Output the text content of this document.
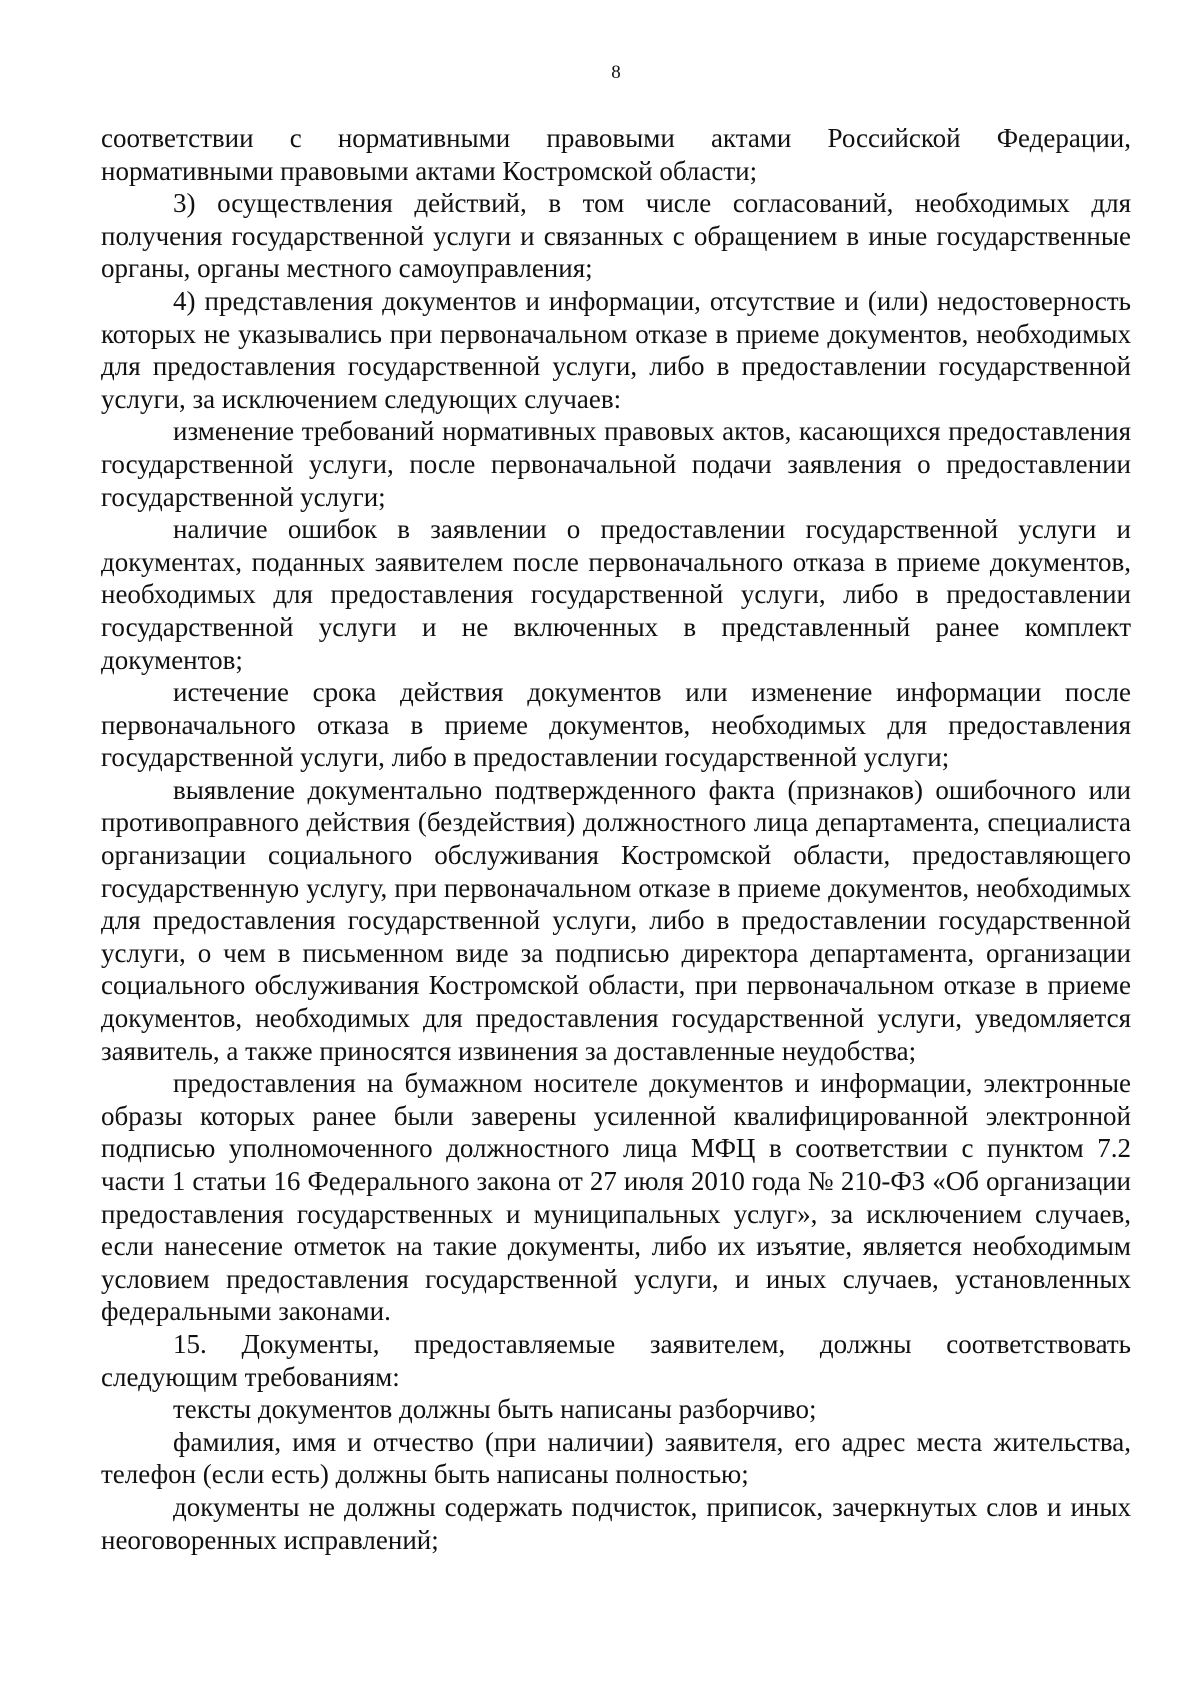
8

соответствии с нормативными правовыми актами Российской Федерации, нормативными правовыми актами Костромской области;

3) осуществления действий, в том числе согласований, необходимых для получения государственной услуги и связанных с обращением в иные государственные органы, органы местного самоуправления;

4) представления документов и информации, отсутствие и (или) недостоверность которых не указывались при первоначальном отказе в приеме документов, необходимых для предоставления государственной услуги, либо в предоставлении государственной услуги, за исключением следующих случаев:

изменение требований нормативных правовых актов, касающихся предоставления государственной услуги, после первоначальной подачи заявления о предоставлении государственной услуги;

наличие ошибок в заявлении о предоставлении государственной услуги и документах, поданных заявителем после первоначального отказа в приеме документов, необходимых для предоставления государственной услуги, либо в предоставлении государственной услуги и не включенных в представленный ранее комплект документов;

истечение срока действия документов или изменение информации после первоначального отказа в приеме документов, необходимых для предоставления государственной услуги, либо в предоставлении государственной услуги;

выявление документально подтвержденного факта (признаков) ошибочного или противоправного действия (бездействия) должностного лица департамента, специалиста организации социального обслуживания Костромской области, предоставляющего государственную услугу, при первоначальном отказе в приеме документов, необходимых для предоставления государственной услуги, либо в предоставлении государственной услуги, о чем в письменном виде за подписью директора департамента, организации социального обслуживания Костромской области, при первоначальном отказе в приеме документов, необходимых для предоставления государственной услуги, уведомляется заявитель, а также приносятся извинения за доставленные неудобства;

предоставления на бумажном носителе документов и информации, электронные образы которых ранее были заверены усиленной квалифицированной электронной подписью уполномоченного должностного лица МФЦ в соответствии с пунктом 7.2 части 1 статьи 16 Федерального закона от 27 июля 2010 года № 210-ФЗ «Об организации предоставления государственных и муниципальных услуг», за исключением случаев, если нанесение отметок на такие документы, либо их изъятие, является необходимым условием предоставления государственной услуги, и иных случаев, установленных федеральными законами.

15. Документы, предоставляемые заявителем, должны соответствовать следующим требованиям:

тексты документов должны быть написаны разборчиво;

фамилия, имя и отчество (при наличии) заявителя, его адрес места жительства, телефон (если есть) должны быть написаны полностью;

документы не должны содержать подчисток, приписок, зачеркнутых слов и иных неоговоренных исправлений;
